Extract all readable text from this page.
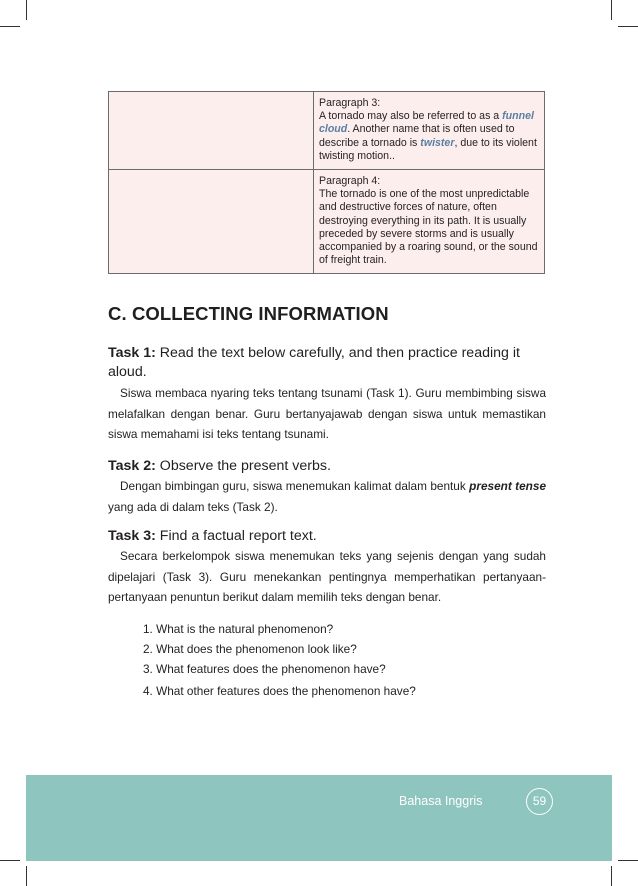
	Paragraph 3:
A tornado may also be referred to as a funnel cloud. Another name that is often used to describe a tornado is twister, due to its violent twisting motion..

	Paragraph 4:
The tornado is one of the most unpredictable and destructive forces of nature, often destroying everything in its path. It is usually preceded by severe storms and is usually accompanied by a roaring sound, or the sound of freight train.
C. COLLECTING INFORMATION

Task 1: Read the text below carefully, and then practice reading it aloud.

Siswa membaca nyaring teks tentang tsunami (Task 1). Guru membimbing siswa melafalkan dengan benar. Guru bertanyajawab dengan siswa untuk memastikan siswa memahami isi teks tentang tsunami.

Task 2: Observe the present verbs.

Dengan bimbingan guru, siswa menemukan kalimat dalam bentuk present tense yang ada di dalam teks (Task 2).

Task 3: Find a factual report text.

Secara berkelompok siswa menemukan teks yang sejenis dengan yang sudah dipelajari (Task 3). Guru menekankan pentingnya memperhatikan pertanyaan-pertanyaan penuntun berikut dalam memilih teks dengan benar.

1. What is the natural phenomenon?
2. What does the phenomenon look like?
3. What features does the phenomenon have?
4. What other features does the phenomenon have?
Bahasa Inggris	59
